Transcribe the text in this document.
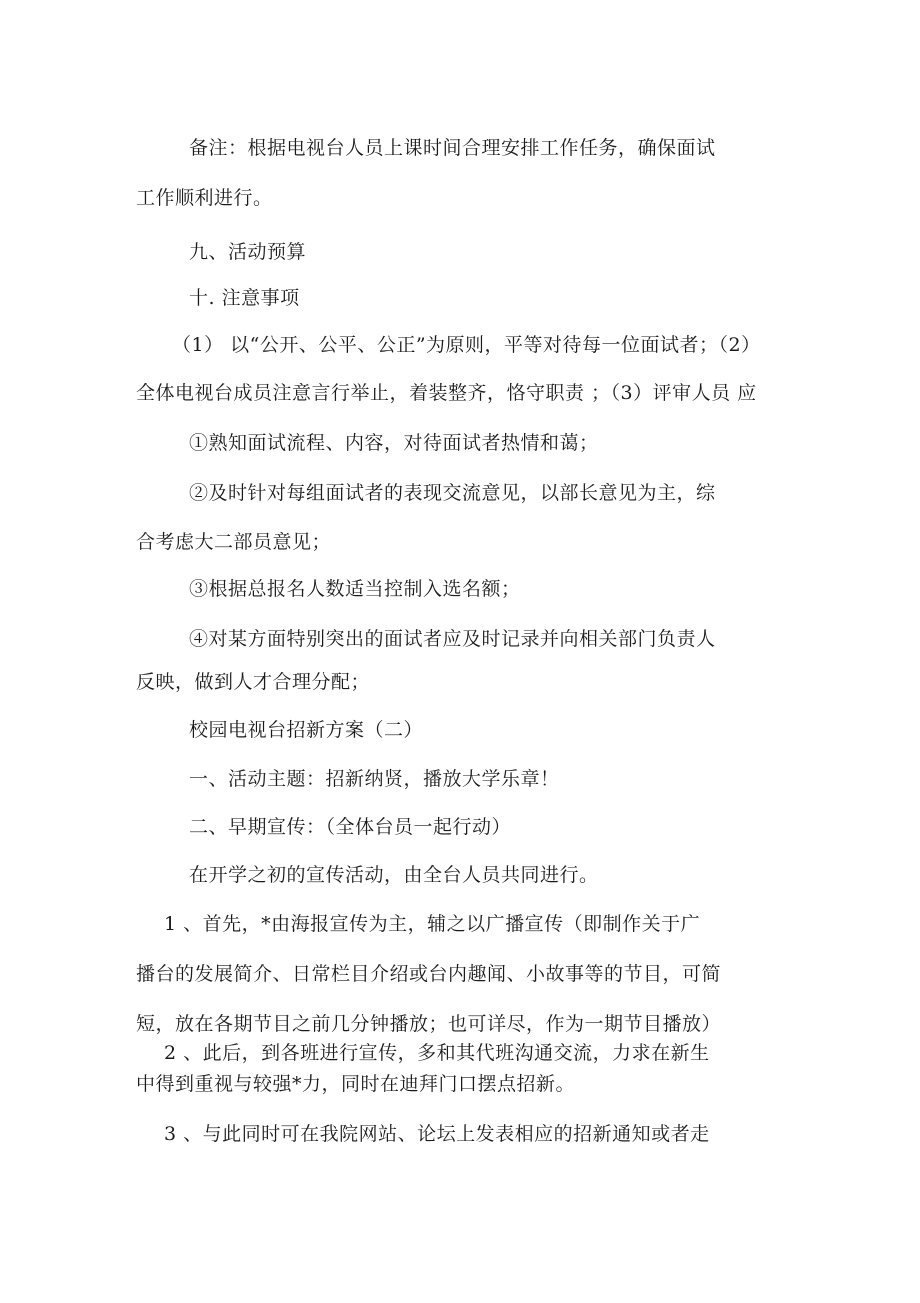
备注：根据电视台人员上课时间合理安排工作任务，确保面试
工作顺利进行。
九、活动预算
十. 注意事项
（1） 以“公开、公平、公正”为原则，平等对待每一位面试者；（2）
全体电视台成员注意言行举止，着装整齐，恪守职责 ；（3）评审人员 应
①熟知面试流程、内容，对待面试者热情和蔼；
②及时针对每组面试者的表现交流意见，以部长意见为主，综
合考虑大二部员意见；
③根据总报名人数适当控制入选名额；
④对某方面特别突出的面试者应及时记录并向相关部门负责人
反映，做到人才合理分配；
校园电视台招新方案（二）
一、活动主题：招新纳贤，播放大学乐章！
二、早期宣传：（全体台员一起行动）
在开学之初的宣传活动，由全台人员共同进行。
1 、首先，*由海报宣传为主，辅之以广播宣传（即制作关于广
播台的发展简介、日常栏目介绍或台内趣闻、小故事等的节目，可简
短，放在各期节目之前几分钟播放；也可详尽，作为一期节目播放）
2 、此后，到各班进行宣传，多和其代班沟通交流，力求在新生
中得到重视与较强*力，同时在迪拜门口摆点招新。
3 、与此同时可在我院网站、论坛上发表相应的招新通知或者走
